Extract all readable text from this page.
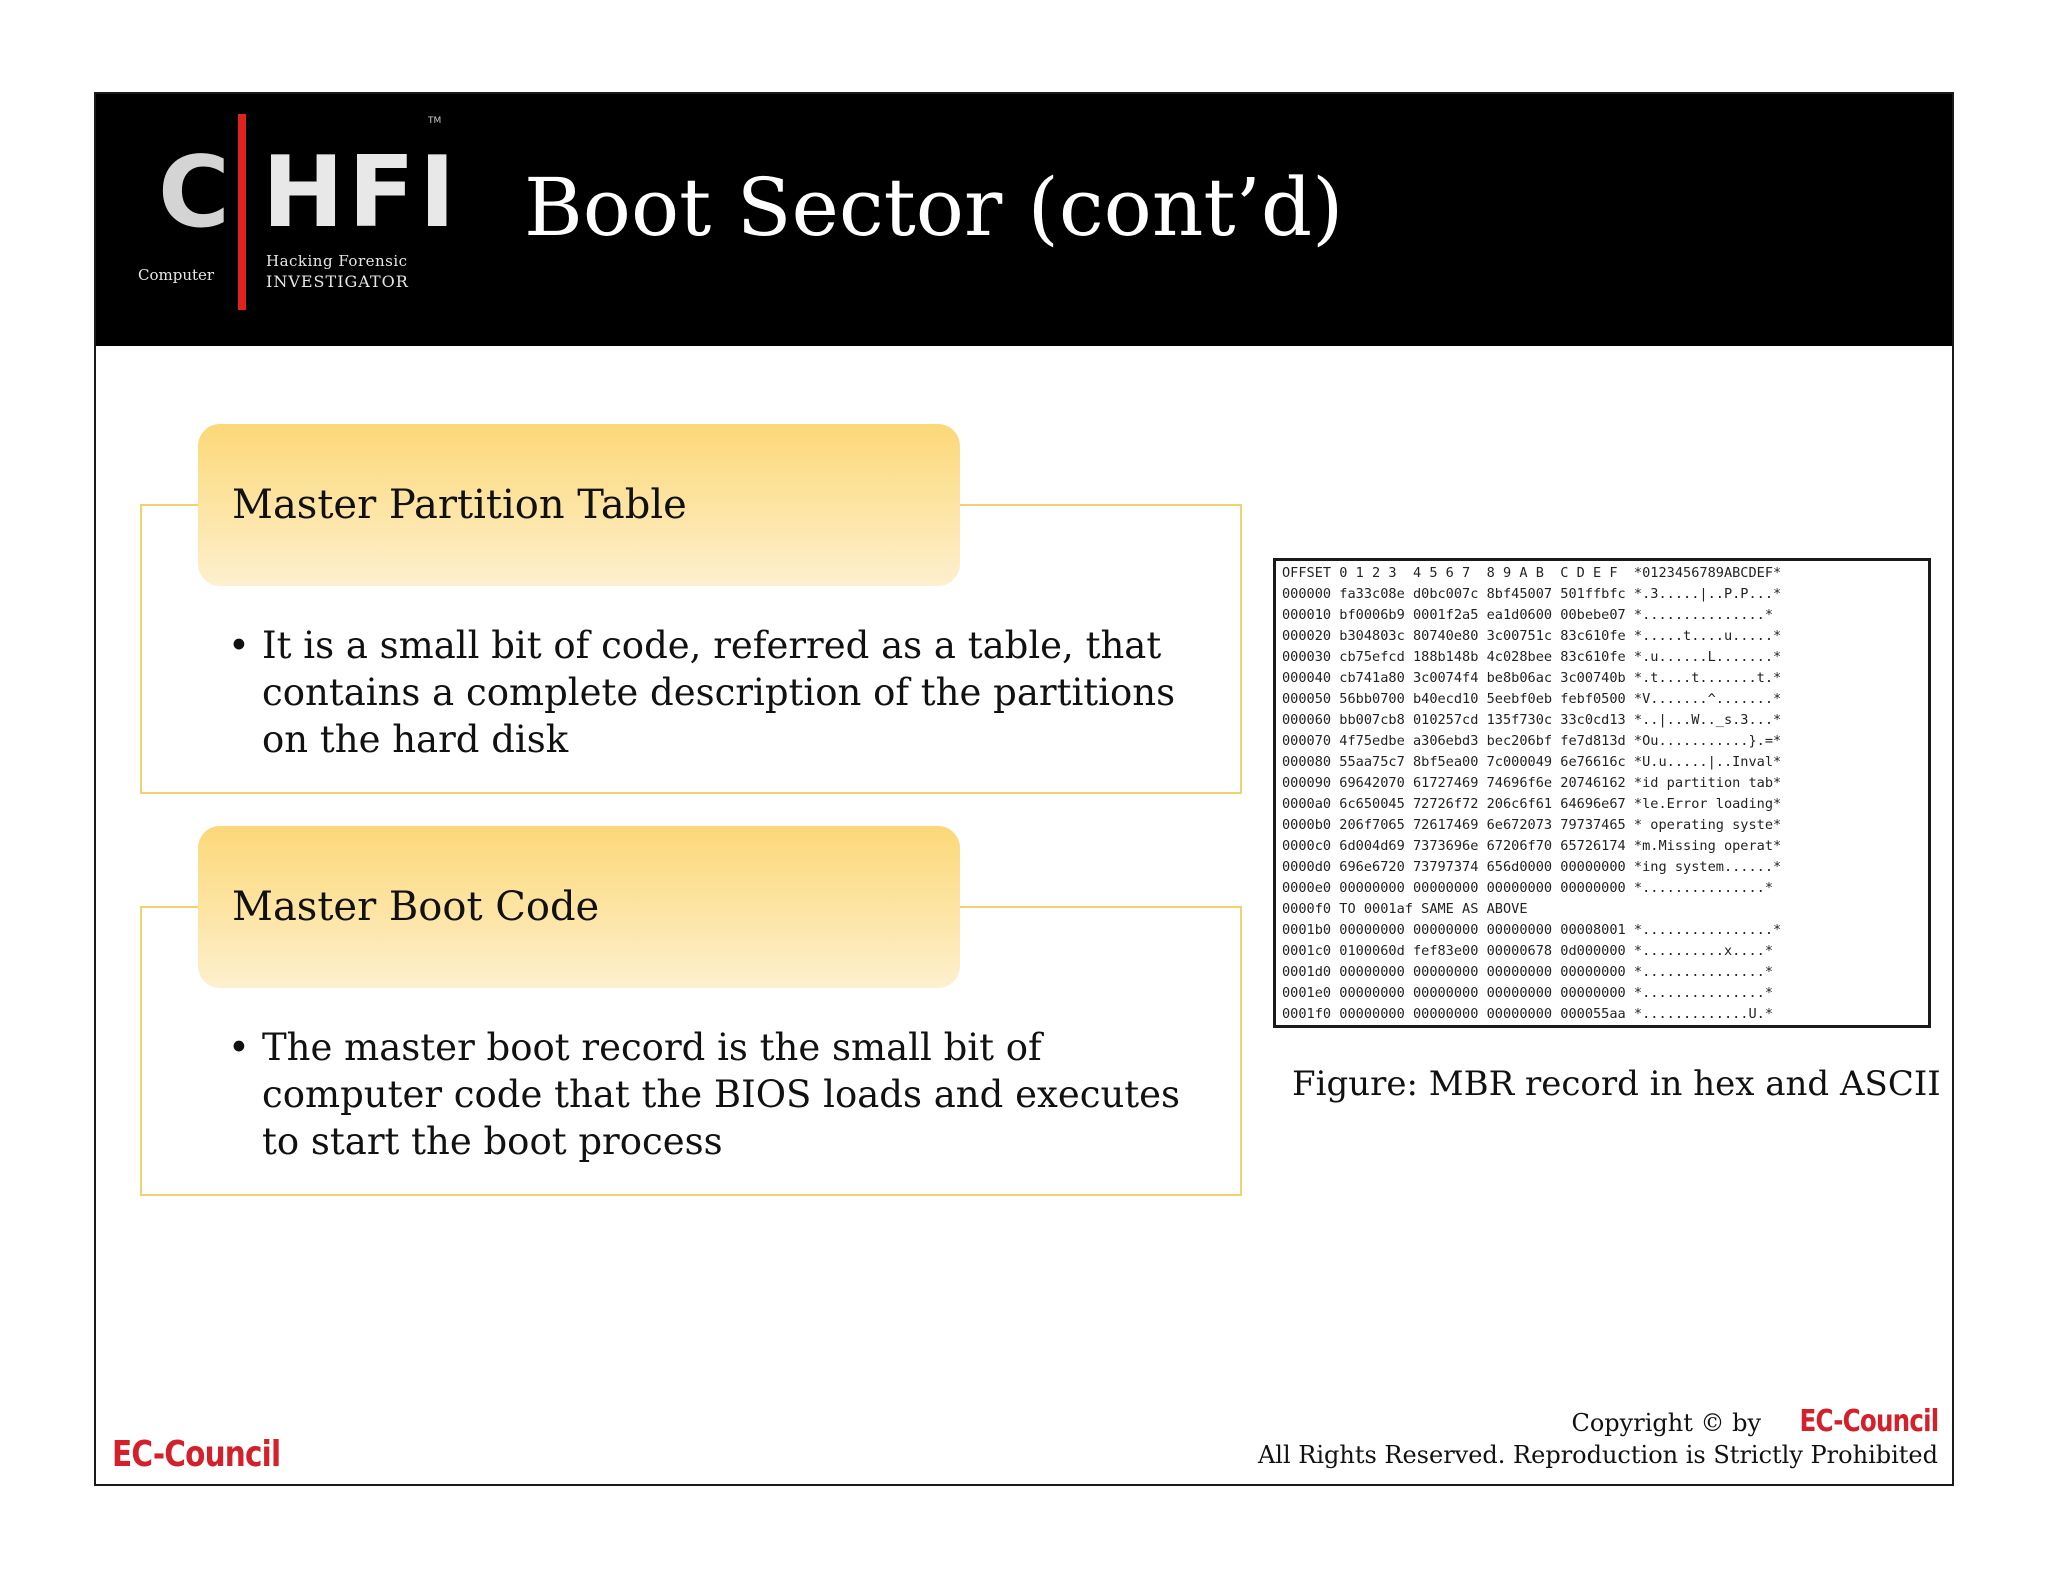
C HFI
TM
Computer
Hacking Forensic
INVESTIGATOR
Boot Sector (cont’d)
Master Partition Table
• It is a small bit of code, referred as a table, that contains a complete description of the partitions on the hard disk
Master Boot Code
• The master boot record is the small bit of computer code that the BIOS loads and executes to start the boot process
OFFSET 0 1 2 3  4 5 6 7  8 9 A B  C D E F  *0123456789ABCDEF*
000000 fa33c08e d0bc007c 8bf45007 501ffbfc *.3.....|..P.P...*
000010 bf0006b9 0001f2a5 ea1d0600 00bebe07 *...............*
000020 b304803c 80740e80 3c00751c 83c610fe *.....t....u.....*
000030 cb75efcd 188b148b 4c028bee 83c610fe *.u......L.......*
000040 cb741a80 3c0074f4 be8b06ac 3c00740b *.t....t.......t.*
000050 56bb0700 b40ecd10 5eebf0eb febf0500 *V.......^.......*
000060 bb007cb8 010257cd 135f730c 33c0cd13 *..|...W.._s.3...*
000070 4f75edbe a306ebd3 bec206bf fe7d813d *Ou...........}.=*
000080 55aa75c7 8bf5ea00 7c000049 6e76616c *U.u.....|..Inval*
000090 69642070 61727469 74696f6e 20746162 *id partition tab*
0000a0 6c650045 72726f72 206c6f61 64696e67 *le.Error loading*
0000b0 206f7065 72617469 6e672073 79737465 * operating syste*
0000c0 6d004d69 7373696e 67206f70 65726174 *m.Missing operat*
0000d0 696e6720 73797374 656d0000 00000000 *ing system......*
0000e0 00000000 00000000 00000000 00000000 *...............*
0000f0 TO 0001af SAME AS ABOVE
0001b0 00000000 00000000 00000000 00008001 *................*
0001c0 0100060d fef83e00 00000678 0d000000 *..........x....*
0001d0 00000000 00000000 00000000 00000000 *...............*
0001e0 00000000 00000000 00000000 00000000 *...............*
0001f0 00000000 00000000 00000000 000055aa *.............U.*
Figure: MBR record in hex and ASCII
EC-Council
Copyright © by EC-Council
All Rights Reserved. Reproduction is Strictly Prohibited
